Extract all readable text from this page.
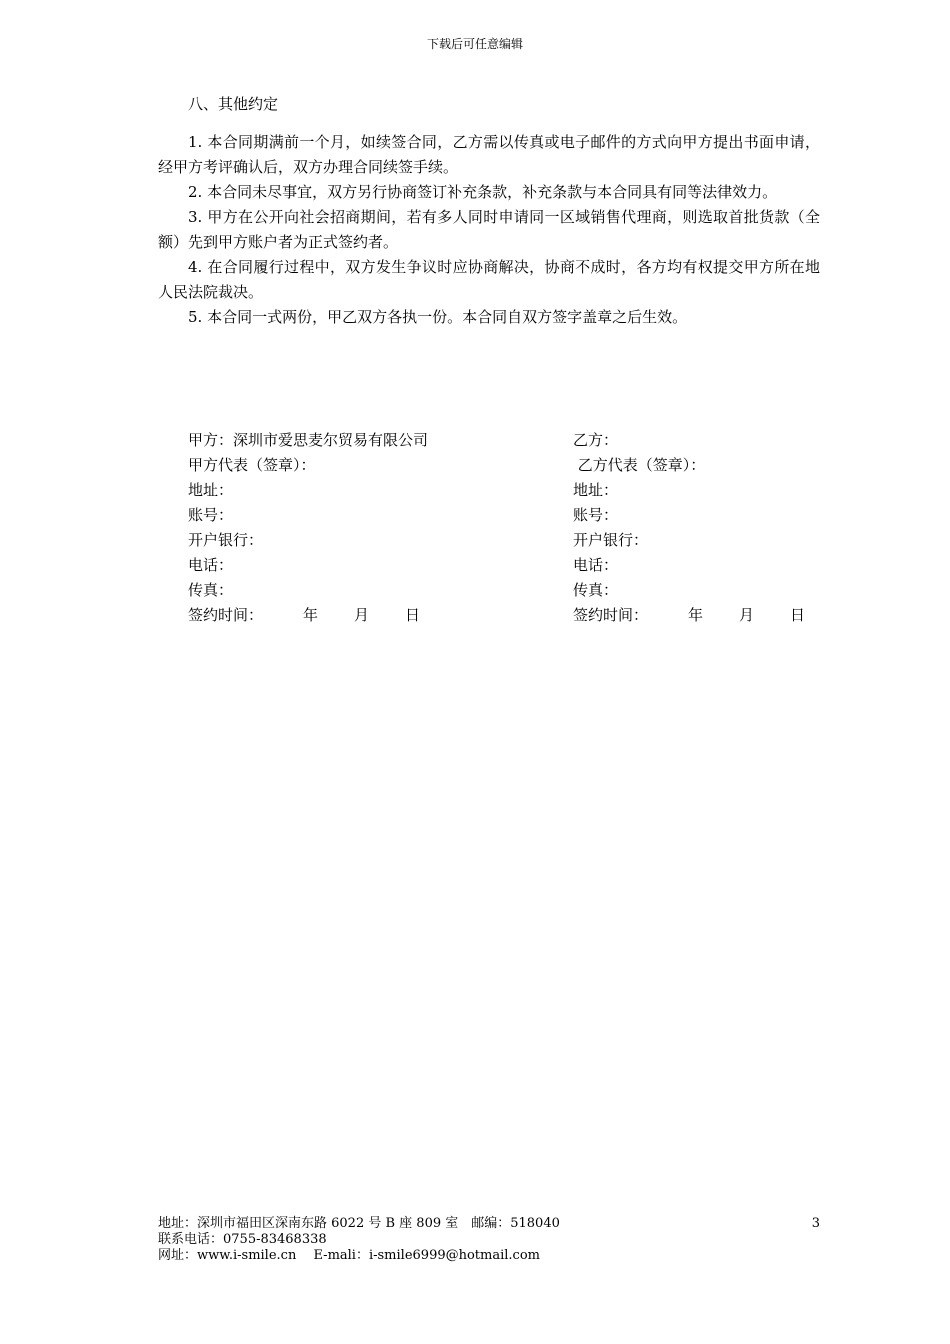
下载后可任意编辑
八、其他约定

1. 本合同期满前一个月，如续签合同，乙方需以传真或电子邮件的方式向甲方提出书面申请，经甲方考评确认后，双方办理合同续签手续。

2. 本合同未尽事宜，双方另行协商签订补充条款，补充条款与本合同具有同等法律效力。

3. 甲方在公开向社会招商期间，若有多人同时申请同一区域销售代理商，则选取首批货款（全额）先到甲方账户者为正式签约者。

4. 在合同履行过程中，双方发生争议时应协商解决，协商不成时，各方均有权提交甲方所在地人民法院裁决。

5. 本合同一式两份，甲乙双方各执一份。本合同自双方签字盖章之后生效。

甲方：深圳市爱思麦尔贸易有限公司
甲方代表（签章）：
地址：
账号：
开户银行：
电话：
传真：
签约时间：	年 月 日
乙方：
乙方代表（签章）：
地址：
账号：
开户银行：
电话：
传真：
签约时间：	年 月 日
地址：深圳市福田区深南东路 6022 号 B 座 809 室　邮编：518040
联系电话：0755-83468338
网址：www.i-smile.cn　 E-mali：i-smile6999@hotmail.com
3
